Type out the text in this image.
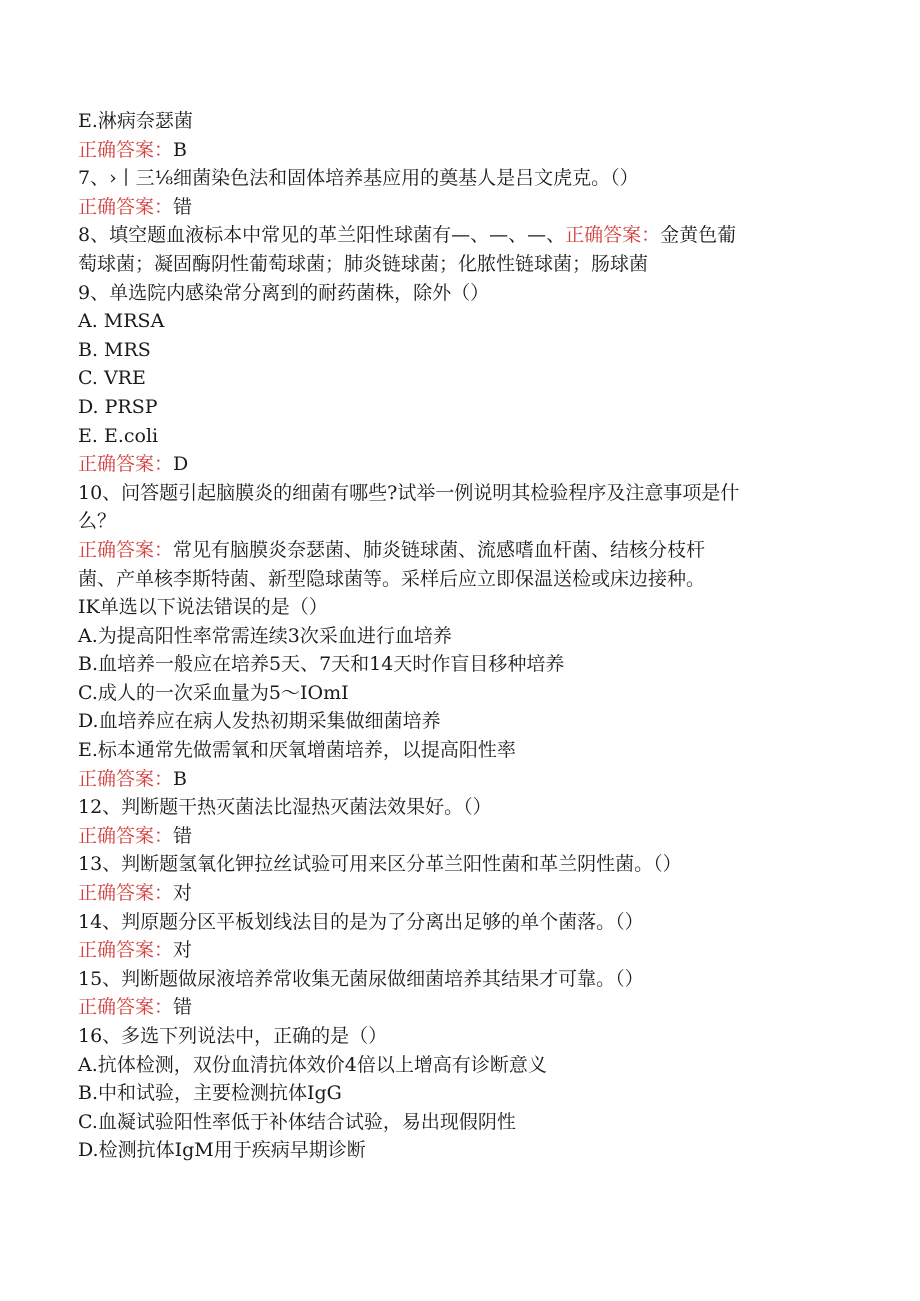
E.淋病奈瑟菌

正确答案：B

7、›丨三⅛细菌染色法和固体培养基应用的奠基人是吕文虎克。（）

正确答案：错

8、填空题血液标本中常见的革兰阳性球菌有—、—、—、正确答案：金黄色葡

萄球菌；凝固酶阴性葡萄球菌；肺炎链球菌；化脓性链球菌；肠球菌

9、单选院内感染常分离到的耐药菌株，除外（）

A. MRSA

B. MRS

C. VRE

D. PRSP

E. E.coli

正确答案：D

10、问答题引起脑膜炎的细菌有哪些?试举一例说明其检验程序及注意事项是什

么？

正确答案：常见有脑膜炎奈瑟菌、肺炎链球菌、流感嗜血杆菌、结核分枝杆

菌、产单核李斯特菌、新型隐球菌等。采样后应立即保温送检或床边接种。

IK单选以下说法错误的是（）

A.为提高阳性率常需连续3次采血进行血培养

B.血培养一般应在培养5天、7天和14天时作盲目移种培养

C.成人的一次采血量为5～IOmI

D.血培养应在病人发热初期采集做细菌培养

E.标本通常先做需氧和厌氧增菌培养，以提高阳性率

正确答案：B

12、判断题干热灭菌法比湿热灭菌法效果好。（）

正确答案：错

13、判断题氢氧化钾拉丝试验可用来区分革兰阳性菌和革兰阴性菌。（）

正确答案：对

14、判原题分区平板划线法目的是为了分离出足够的单个菌落。（）

正确答案：对

15、判断题做尿液培养常收集无菌尿做细菌培养其结果才可靠。（）

正确答案：错

16、多选下列说法中，正确的是（）

A.抗体检测，双份血清抗体效价4倍以上增高有诊断意义

B.中和试验，主要检测抗体IgG

C.血凝试验阳性率低于补体结合试验，易出现假阴性

D.检测抗体IgM用于疾病早期诊断
